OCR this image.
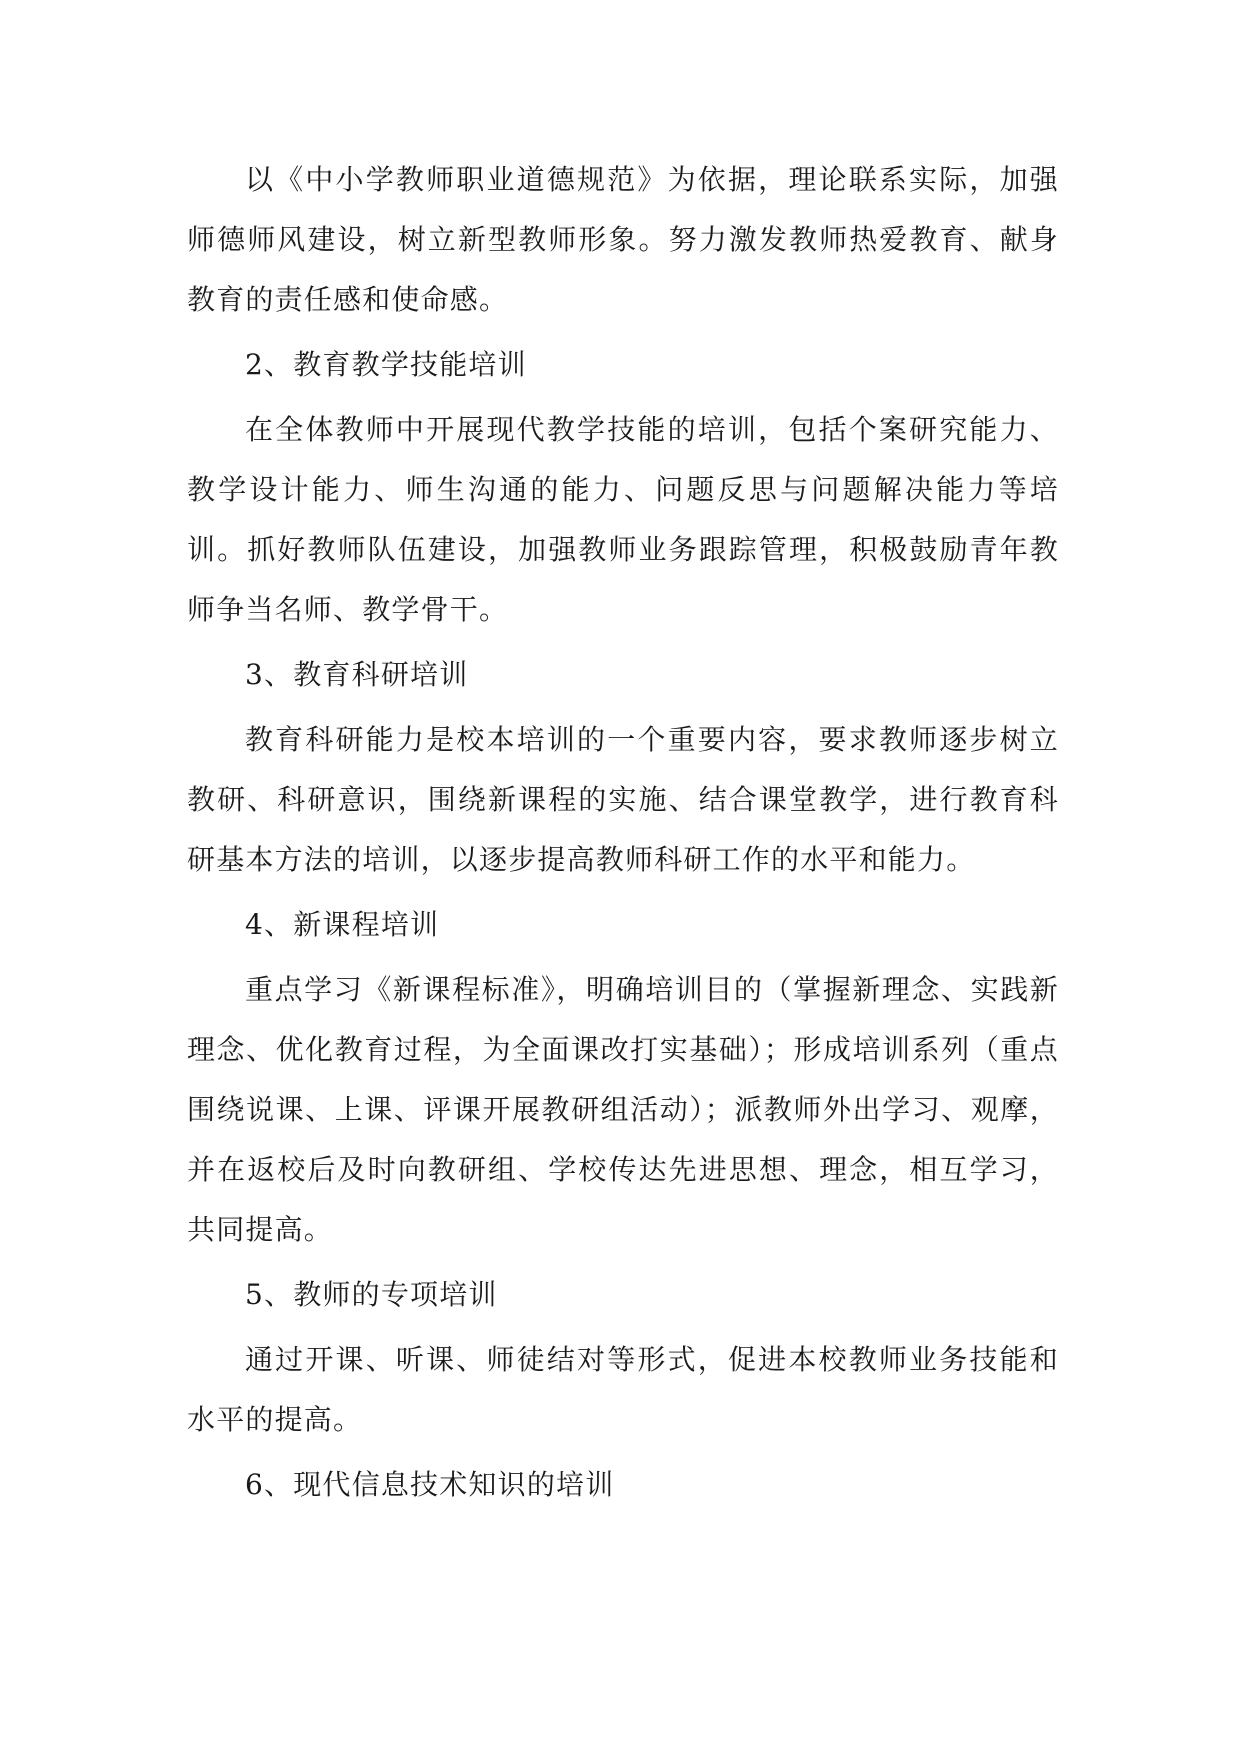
以《中小学教师职业道德规范》为依据，理论联系实际，加强师德师风建设，树立新型教师形象。努力激发教师热爱教育、献身教育的责任感和使命感。

2、教育教学技能培训

在全体教师中开展现代教学技能的培训，包括个案研究能力、教学设计能力、师生沟通的能力、问题反思与问题解决能力等培训。抓好教师队伍建设，加强教师业务跟踪管理，积极鼓励青年教师争当名师、教学骨干。

3、教育科研培训

教育科研能力是校本培训的一个重要内容，要求教师逐步树立教研、科研意识，围绕新课程的实施、结合课堂教学，进行教育科研基本方法的培训，以逐步提高教师科研工作的水平和能力。

4、新课程培训

重点学习《新课程标准》，明确培训目的（掌握新理念、实践新理念、优化教育过程，为全面课改打实基础）；形成培训系列（重点围绕说课、上课、评课开展教研组活动）；派教师外出学习、观摩，并在返校后及时向教研组、学校传达先进思想、理念，相互学习，共同提高。

5、教师的专项培训

通过开课、听课、师徒结对等形式，促进本校教师业务技能和水平的提高。

6、现代信息技术知识的培训
